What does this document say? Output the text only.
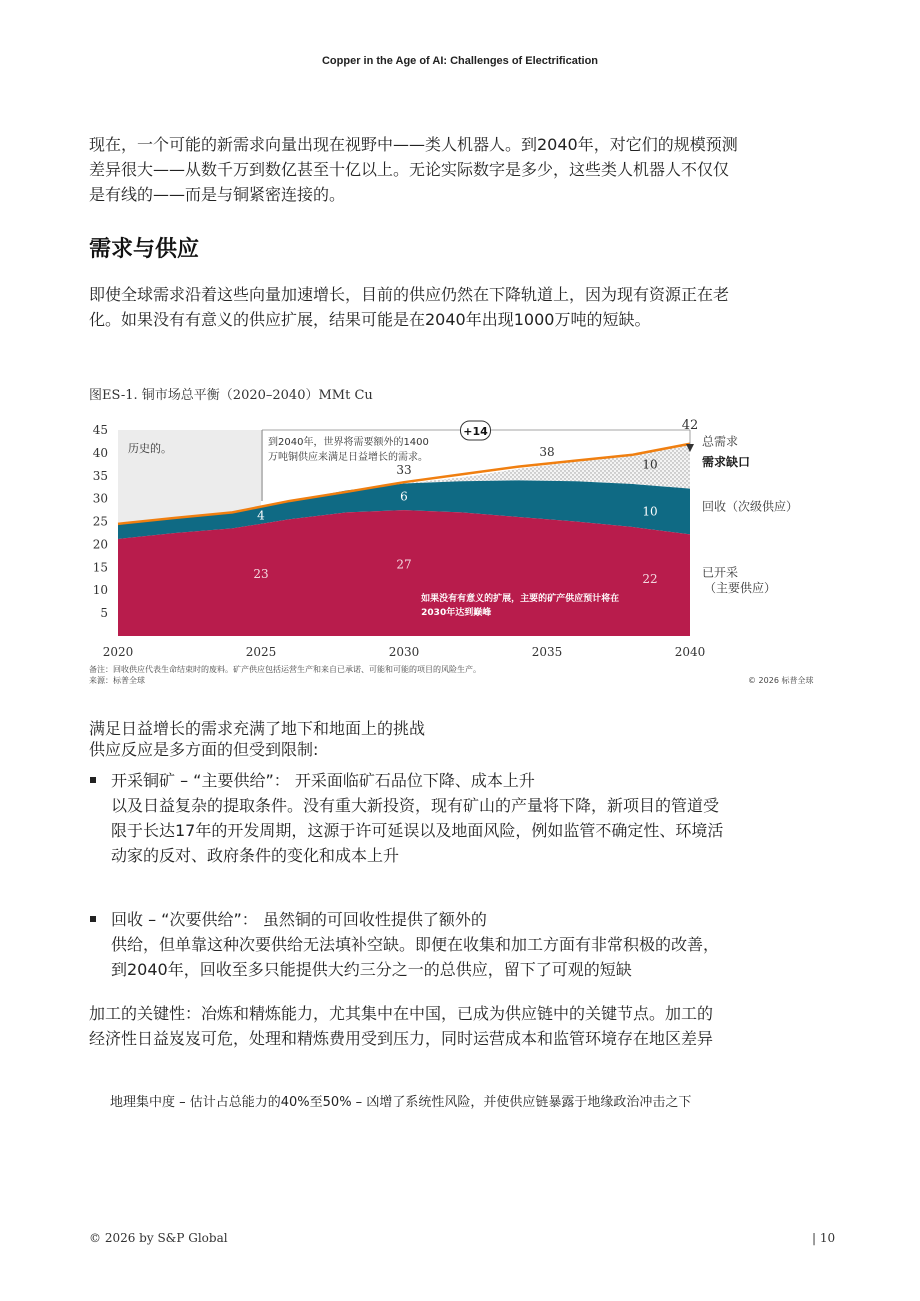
Copper in the Age of AI: Challenges of Electrification
现在，一个可能的新需求向量出现在视野中——类人机器人。到2040年，对它们的规模预测
差异很大——从数千万到数亿甚至十亿以上。无论实际数字是多少，这些类人机器人不仅仅
是有线的——而是与铜紧密连接的。
需求与供应
即使全球需求沿着这些向量加速增长，目前的供应仍然在下降轨道上，因为现有资源正在老
化。如果没有有意义的供应扩展，结果可能是在2040年出现1000万吨的短缺。
图ES-1. 铜市场总平衡（2020–2040）MMt Cu
历史的。
5
10
15
20
25
30
35
40
45
2020	2025	2030	2035	2040
到2040年，世界将需要额外的1400
万吨铜供应来满足日益增长的需求。
+14	42
33
38
10
4
6
10
23
27
22
如果没有有意义的扩展，主要的矿产供应预计将在
2030年达到巅峰
总需求
需求缺口
回收（次级供应）
已开采
（主要供应）
备注：回收供应代表生命结束时的废料。矿产供应包括运营生产和来自已承诺、可能和可能的项目的风险生产。
来源：标普全球	© 2026 标普全球
满足日益增长的需求充满了地下和地面上的挑战
供应反应是多方面的但受到限制:
开采铜矿 – “主要供给”： 开采面临矿石品位下降、成本上升
以及日益复杂的提取条件。没有重大新投资，现有矿山的产量将下降，新项目的管道受
限于长达17年的开发周期，这源于许可延误以及地面风险，例如监管不确定性、环境活
动家的反对、政府条件的变化和成本上升
回收 – “次要供给”： 虽然铜的可回收性提供了额外的
供给，但单靠这种次要供给无法填补空缺。即便在收集和加工方面有非常积极的改善，
到2040年，回收至多只能提供大约三分之一的总供应，留下了可观的短缺
加工的关键性：冶炼和精炼能力，尤其集中在中国，已成为供应链中的关键节点。加工的
经济性日益岌岌可危，处理和精炼费用受到压力，同时运营成本和监管环境存在地区差异
地理集中度 – 估计占总能力的40%至50% – 凶增了系统性风险，并使供应链暴露于地缘政治冲击之下
© 2026 by S&P Global	| 10
